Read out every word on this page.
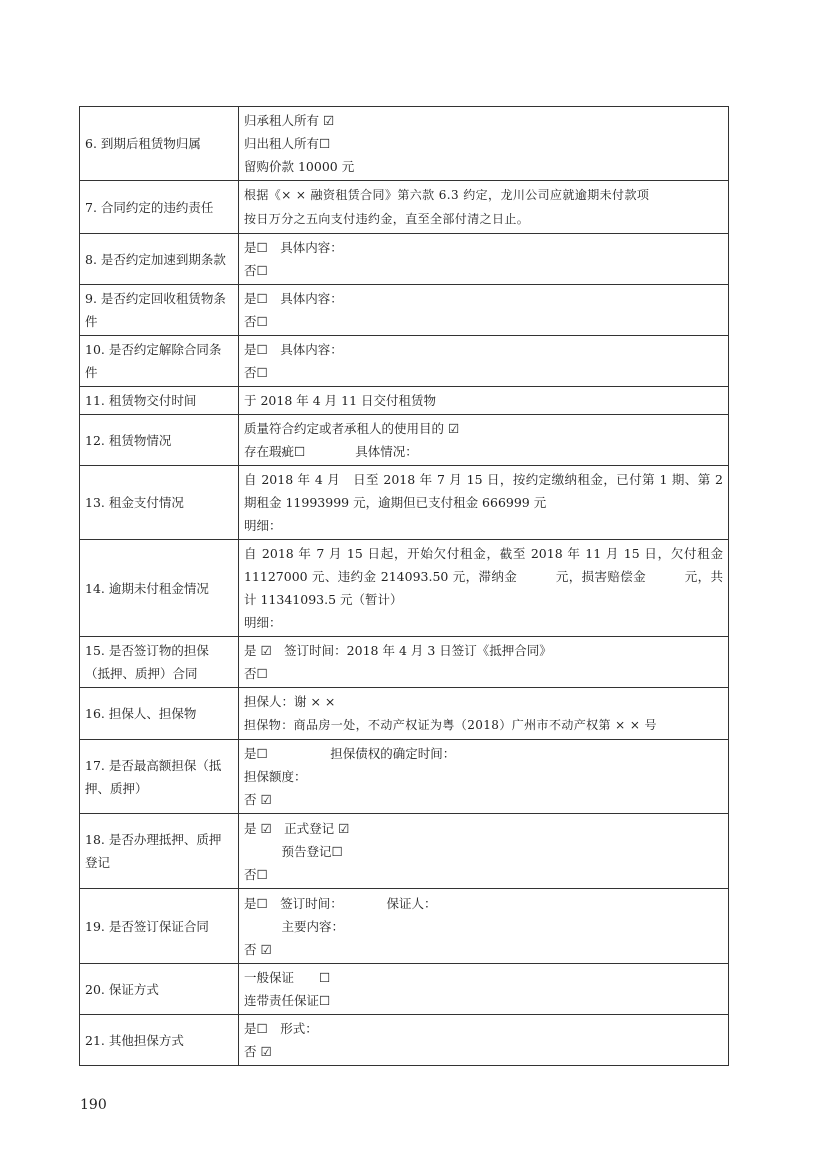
6. 到期后租赁物归属	归承租人所有 ☑
归出租人所有☐
留购价款 10000 元

7. 合同约定的违约责任	根据《× × 融资租赁合同》第六款 6.3 约定，龙川公司应就逾期未付款项
按日万分之五向支付违约金，直至全部付清之日止。

8. 是否约定加速到期条款	是☐　具体内容：
否☐

9. 是否约定回收租赁物条件	是☐　具体内容：
否☐

10. 是否约定解除合同条件	是☐　具体内容：
否☐

11. 租赁物交付时间	于 2018 年 4 月 11 日交付租赁物

12. 租赁物情况	质量符合约定或者承租人的使用目的 ☑
存在瑕疵☐　　　　具体情况：

13. 租金支付情况	自 2018 年 4 月　日至 2018 年 7 月 15 日，按约定缴纳租金，已付第 1 期、第 2 期租金 11993999 元，逾期但已支付租金 666999 元
明细：

14. 逾期未付租金情况	自 2018 年 7 月 15 日起，开始欠付租金，截至 2018 年 11 月 15 日，欠付租金 11127000 元、违约金 214093.50 元，滞纳金　　　元，损害赔偿金　　　元，共计 11341093.5 元（暂计）
明细：

15. 是否签订物的担保（抵押、质押）合同	是 ☑　签订时间：2018 年 4 月 3 日签订《抵押合同》
否☐

16. 担保人、担保物	担保人：谢 × ×
担保物：商品房一处，不动产权证为粤（2018）广州市不动产权第 × × 号

17. 是否最高额担保（抵押、质押）	是☐　　　　　担保债权的确定时间：
担保额度：
否 ☑

18. 是否办理抵押、质押登记	是 ☑　正式登记 ☑
　　　预告登记☐
否☐

19. 是否签订保证合同	是☐　签订时间：　　　　保证人：
　　　主要内容：
否 ☑

20. 保证方式	一般保证　　☐
连带责任保证☐

21. 其他担保方式	是☐　形式：
否 ☑
190
